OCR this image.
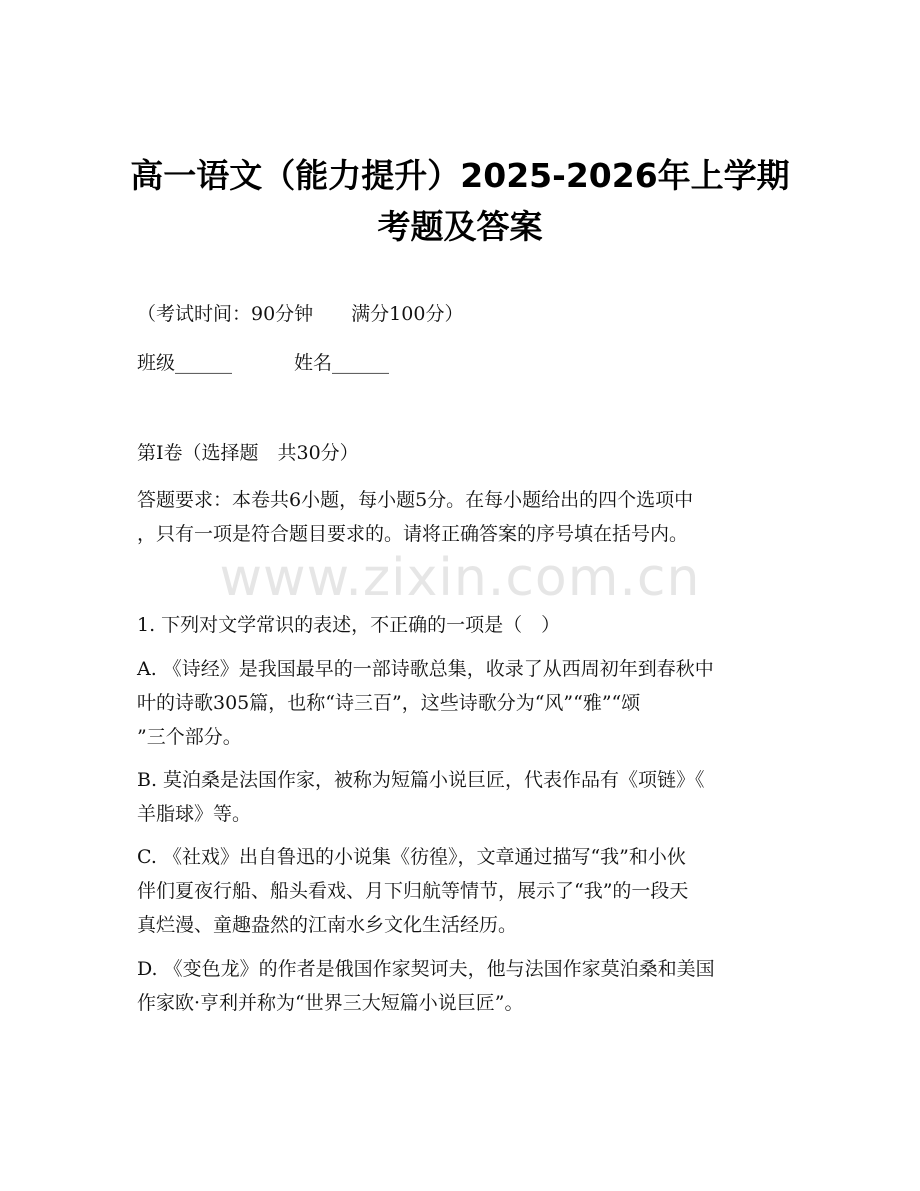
www.zixin.com.cn
高一语文（能力提升）2025-2026年上学期
考题及答案
（考试时间：90分钟　　满分100分）
班级______	姓名______
第Ⅰ卷（选择题　共30分）
答题要求：本卷共6小题，每小题5分。在每小题给出的四个选项中
，只有一项是符合题目要求的。请将正确答案的序号填在括号内。
1. 下列对文学常识的表述，不正确的一项是（　）
A. 《诗经》是我国最早的一部诗歌总集，收录了从西周初年到春秋中
叶的诗歌305篇，也称“诗三百”，这些诗歌分为“风”“雅”“颂
”三个部分。
B. 莫泊桑是法国作家，被称为短篇小说巨匠，代表作品有《项链》《
羊脂球》等。
C. 《社戏》出自鲁迅的小说集《彷徨》，文章通过描写“我”和小伙
伴们夏夜行船、船头看戏、月下归航等情节，展示了“我”的一段天
真烂漫、童趣盎然的江南水乡文化生活经历。
D. 《变色龙》的作者是俄国作家契诃夫，他与法国作家莫泊桑和美国
作家欧·亨利并称为“世界三大短篇小说巨匠”。
